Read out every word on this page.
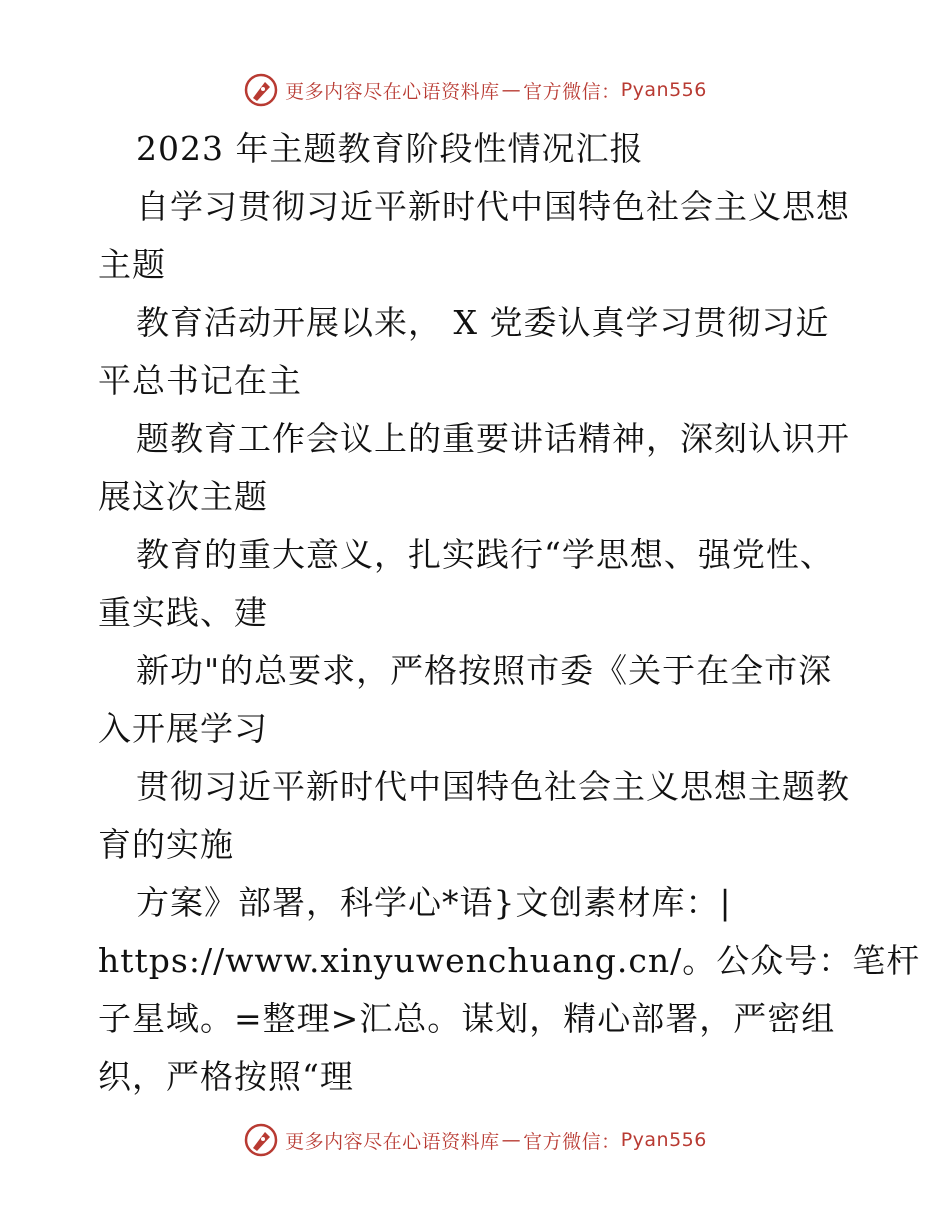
更多内容尽在心语资料库 — 官方微信： Pyan556
2023 年主题教育阶段性情况汇报
自学习贯彻习近平新时代中国特色社会主义思想
主题
教育活动开展以来， X 党委认真学习贯彻习近
平总书记在主
题教育工作会议上的重要讲话精神，深刻认识开
展这次主题
教育的重大意义，扎实践行“学思想、强党性、
重实践、建
新功"的总要求，严格按照市委《关于在全市深
入开展学习
贯彻习近平新时代中国特色社会主义思想主题教
育的实施
方案》部署，科学心*语}文创素材库：|
https://www.xinyuwenchuang.cn/。公众号：笔杆
子星域。=整理>汇总。谋划，精心部署，严密组
织，严格按照“理
更多内容尽在心语资料库 — 官方微信： Pyan556
